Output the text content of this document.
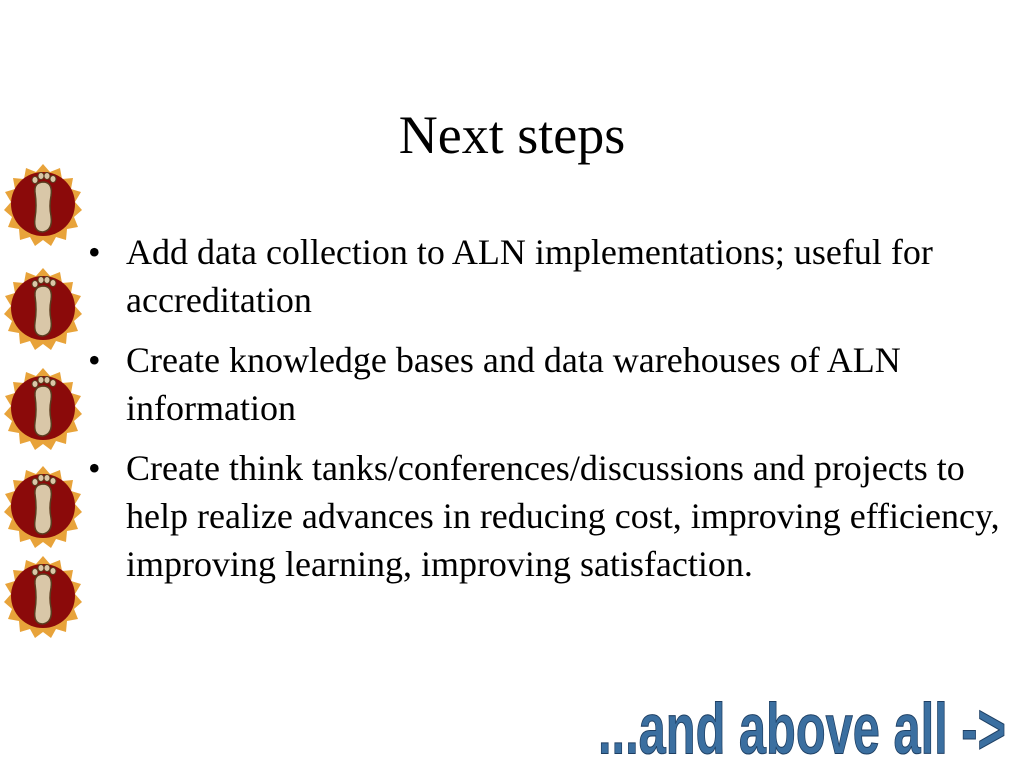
Next steps
• Add data collection to ALN implementations; useful for accreditation
• Create knowledge bases and data warehouses of ALN information
• Create think tanks/conferences/discussions and projects to help realize advances in reducing cost, improving efficiency, improving learning, improving satisfaction.
...and above all ->
